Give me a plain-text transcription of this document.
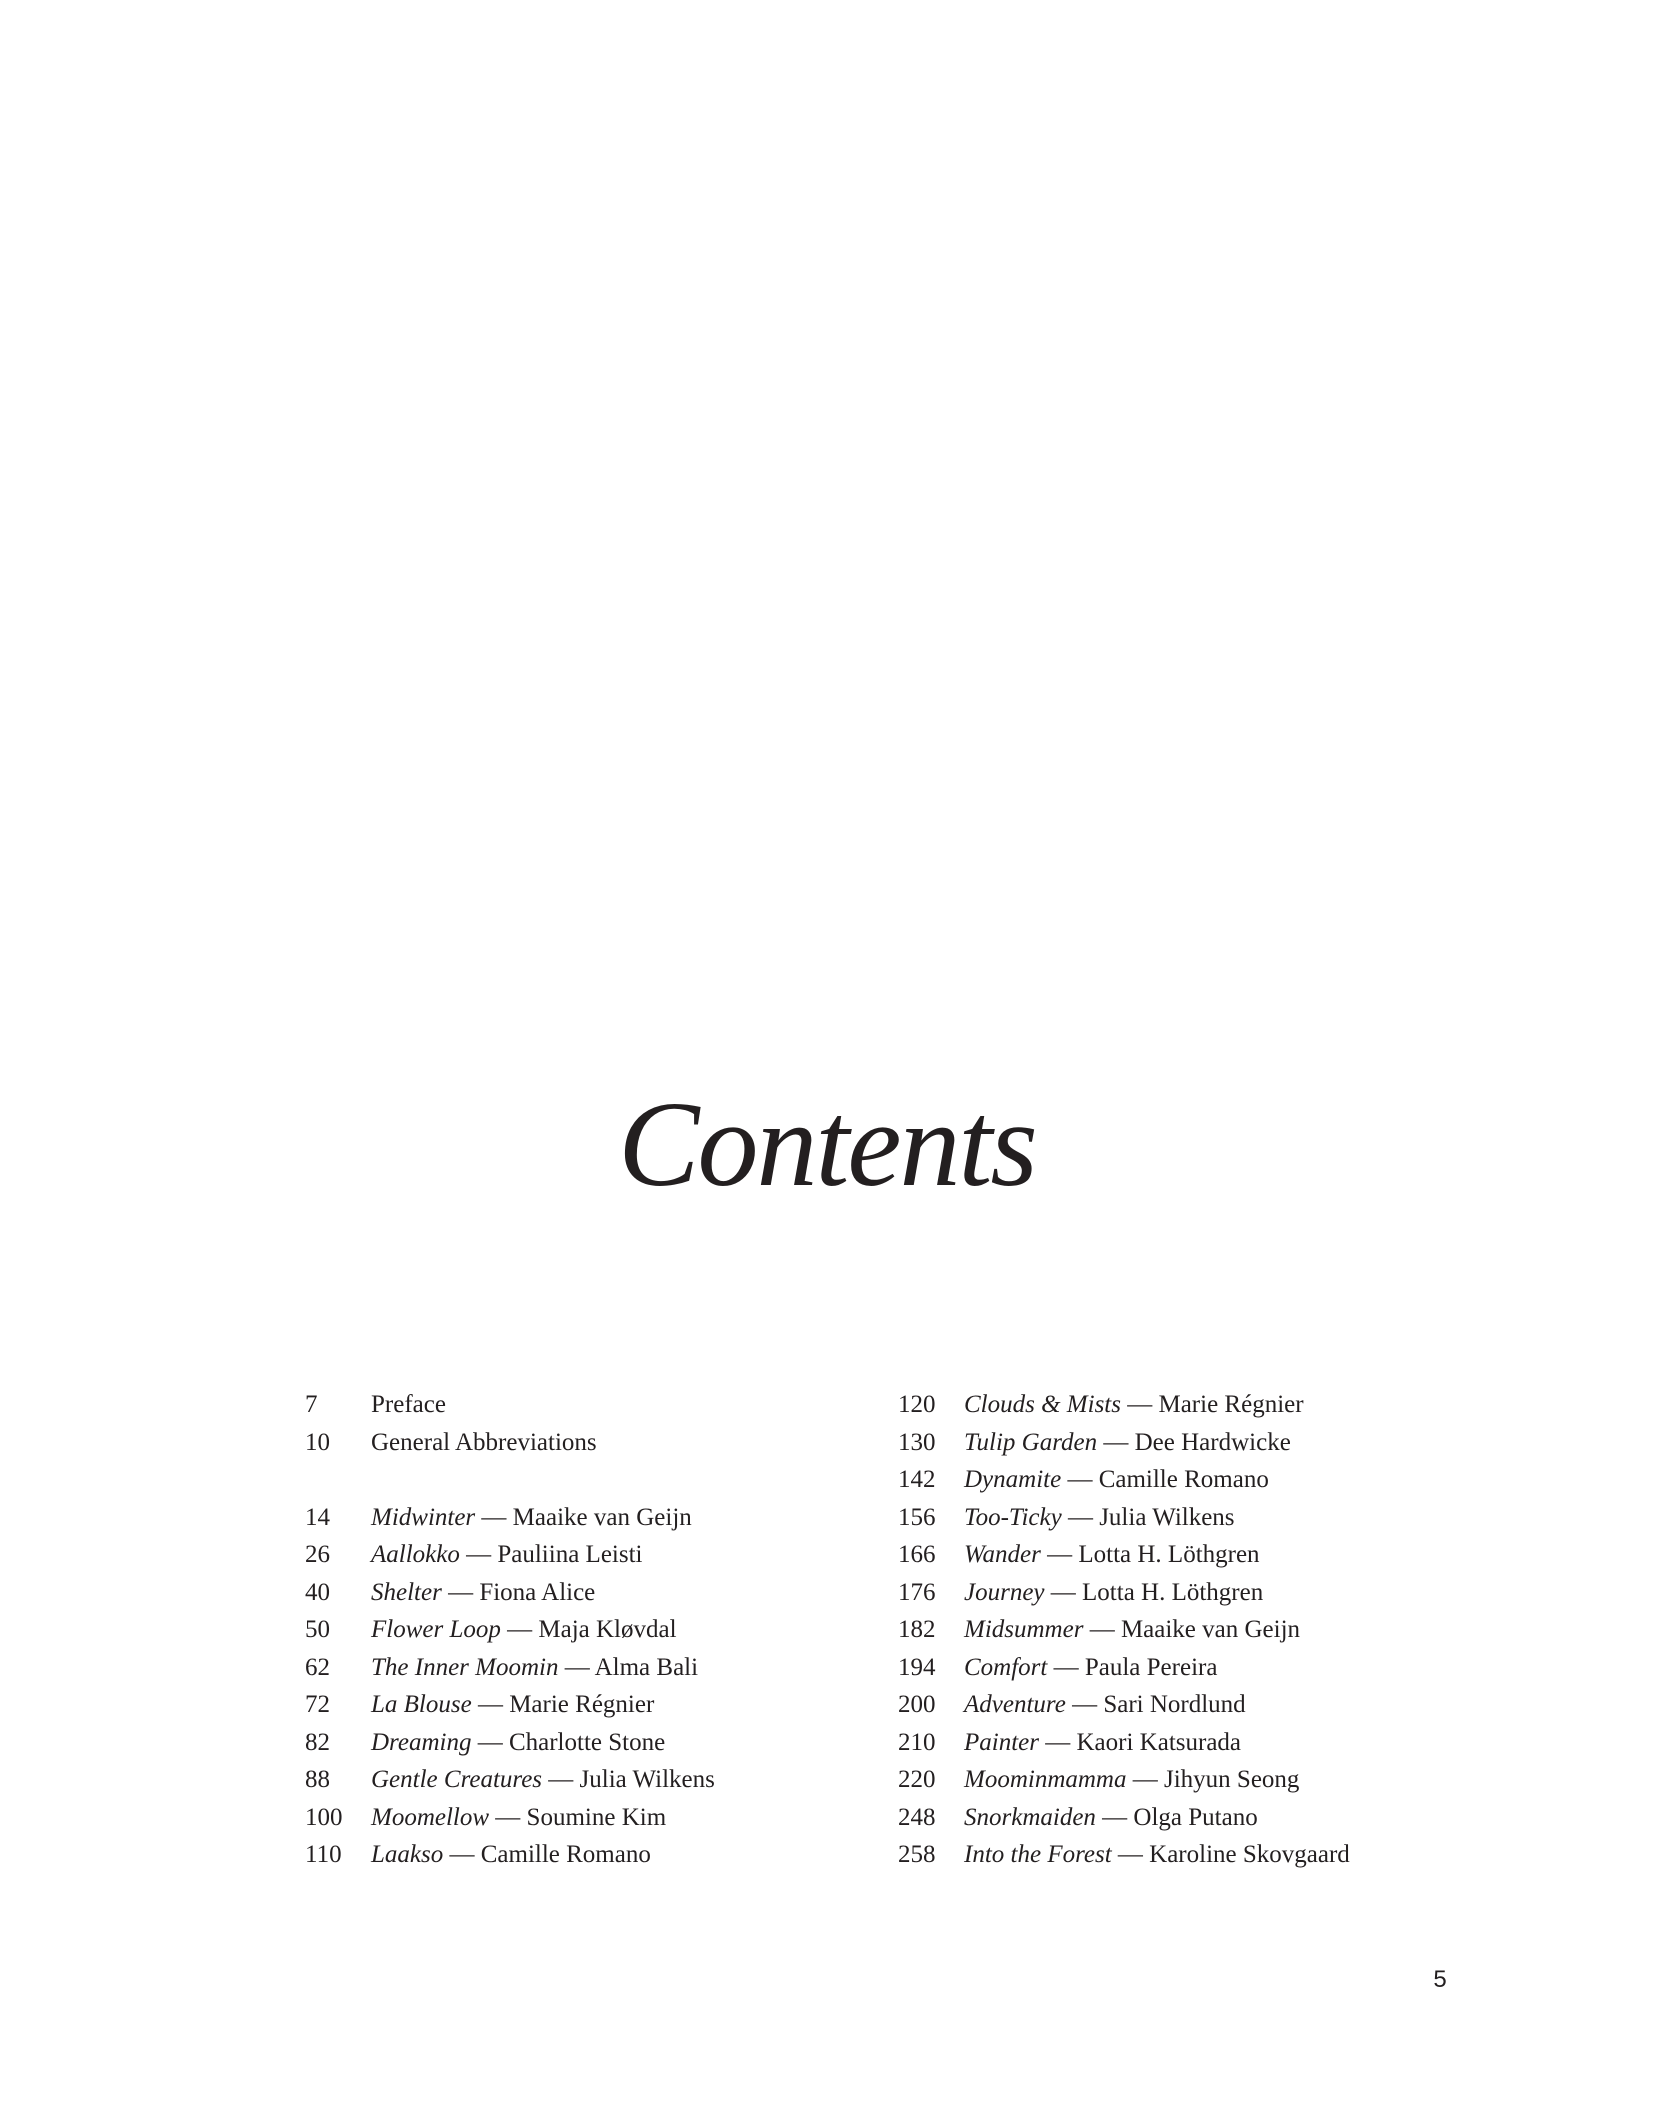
Contents
7 Preface
10 General Abbreviations
14 Midwinter — Maaike van Geijn
26 Aallokko — Pauliina Leisti
40 Shelter — Fiona Alice
50 Flower Loop — Maja Kløvdal
62 The Inner Moomin — Alma Bali
72 La Blouse — Marie Régnier
82 Dreaming — Charlotte Stone
88 Gentle Creatures — Julia Wilkens
100 Moomellow — Soumine Kim
110 Laakso — Camille Romano
120 Clouds & Mists — Marie Régnier
130 Tulip Garden — Dee Hardwicke
142 Dynamite — Camille Romano
156 Too-Ticky — Julia Wilkens
166 Wander — Lotta H. Löthgren
176 Journey — Lotta H. Löthgren
182 Midsummer — Maaike van Geijn
194 Comfort — Paula Pereira
200 Adventure — Sari Nordlund
210 Painter — Kaori Katsurada
220 Moominmamma — Jihyun Seong
248 Snorkmaiden — Olga Putano
258 Into the Forest — Karoline Skovgaard
5
